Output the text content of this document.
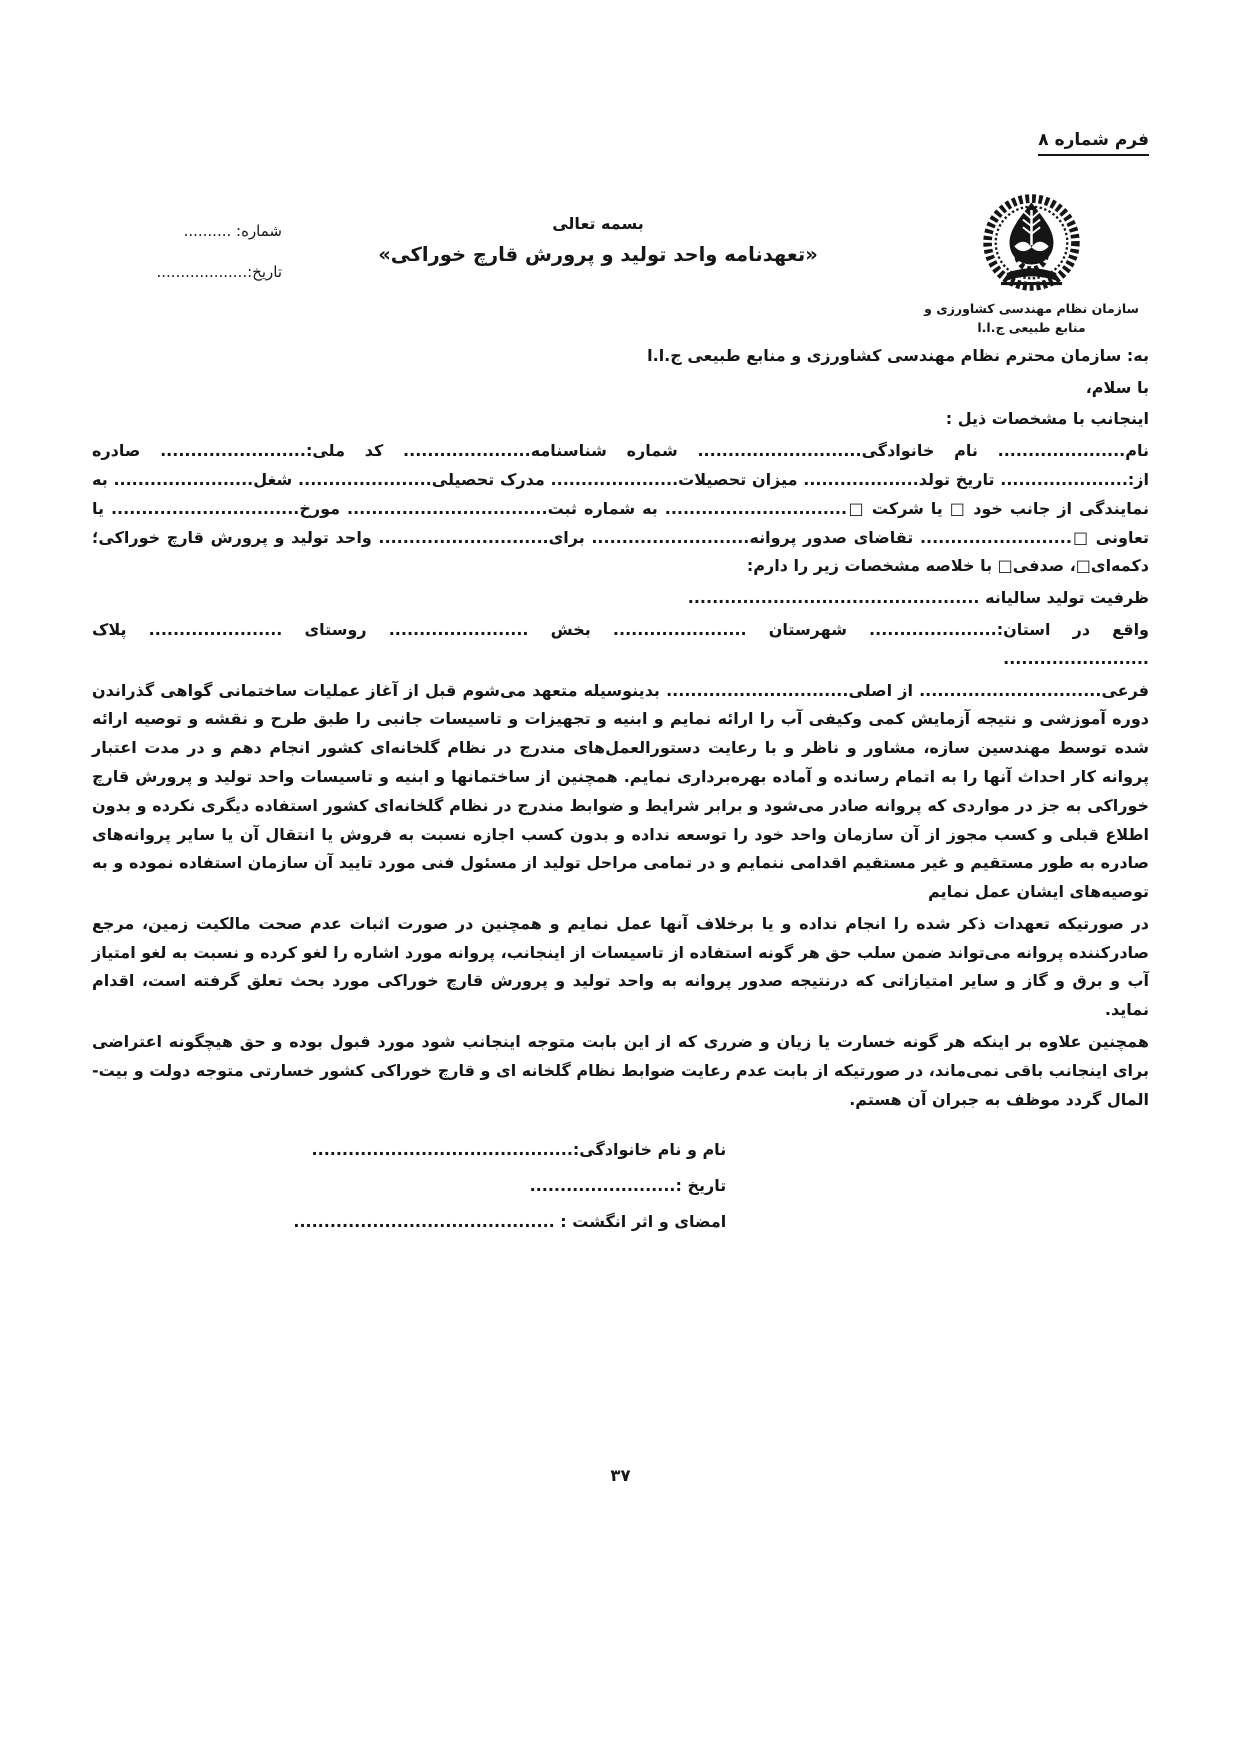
فرم شماره ۸
سازمان نظام مهندسی کشاورزی و
منابع طبیعی ج.ا.ا
بسمه تعالی
«تعهدنامه واحد تولید و پرورش قارچ خوراکی»
شماره: ..........
تاریخ:...................

به: سازمان محترم نظام مهندسی کشاورزی و منابع طبیعی ج.ا.ا

با سلام،

اینجانب با مشخصات ذیل :

نام..................... نام خانوادگی........................... شماره شناسنامه..................... کد ملی:........................ صادره از:..................... تاریخ تولد................... میزان تحصیلات..................... مدرک تحصیلی...................... شغل....................... به نمایندگی از جانب خود □ یا شرکت □.............................. به شماره ثبت................................. مورخ............................... یا تعاونی □......................... تقاضای صدور پروانه.......................... برای............................ واحد تولید و پرورش قارچ خوراکی؛ دکمه‌ای□، صدفی□ با خلاصه مشخصات زیر را دارم:

ظرفیت تولید سالیانه ................................................

واقع در استان:..................... شهرستان ...................... بخش ....................... روستای ...................... پلاک ........................

فرعی.............................. از اصلی.............................. بدینوسیله متعهد می‌شوم قبل از آغاز عملیات ساختمانی گواهی گذراندن دوره آموزشی و نتیجه آزمایش کمی وکیفی آب را ارائه نمایم و ابنیه و تجهیزات و تاسیسات جانبی را طبق طرح و نقشه و توصیه ارائه شده توسط مهندسین سازه، مشاور و ناظر و با رعایت دستورالعمل‌های مندرج در نظام گلخانه‌ای کشور انجام دهم و در مدت اعتبار پروانه کار احداث آنها را به اتمام رسانده و آماده بهره‌برداری نمایم. همچنین از ساختمانها و ابنیه و تاسیسات واحد تولید و پرورش قارچ خوراکی به جز در مواردی که پروانه صادر می‌شود و برابر شرایط و ضوابط مندرج در نظام گلخانه‌ای کشور استفاده دیگری نکرده و بدون اطلاع قبلی و کسب مجوز از آن سازمان واحد خود را توسعه نداده و بدون کسب اجازه نسبت به فروش یا انتقال آن یا سایر پروانه‌های صادره به طور مستقیم و غیر مستقیم اقدامی ننمایم و در تمامی مراحل تولید از مسئول فنی مورد تایید آن سازمان استفاده نموده و به توصیه‌های ایشان عمل نمایم

در صورتیکه تعهدات ذکر شده را انجام نداده و یا برخلاف آنها عمل نمایم و همچنین در صورت اثبات عدم صحت مالکیت زمین، مرجع صادرکننده پروانه می‌تواند ضمن سلب حق هر گونه استفاده از تاسیسات از اینجانب، پروانه مورد اشاره را لغو کرده و نسبت به لغو امتیاز آب و برق و گاز و سایر امتیازاتی که درنتیجه صدور پروانه به واحد تولید و پرورش قارچ خوراکی مورد بحث تعلق گرفته است، اقدام نماید.

همچنین علاوه بر اینکه هر گونه خسارت یا زیان و ضرری که از این بابت متوجه اینجانب شود مورد قبول بوده و حق هیچگونه اعتراضی برای اینجانب باقی نمی‌ماند، در صورتیکه از بابت عدم رعایت ضوابط نظام گلخانه ای و قارچ خوراکی کشور خسارتی متوجه دولت و بیت-المال گردد موظف به جبران آن هستم.

نام و نام خانوادگی:...........................................
تاریخ :........................
امضای و اثر انگشت : ...........................................
۳۷
